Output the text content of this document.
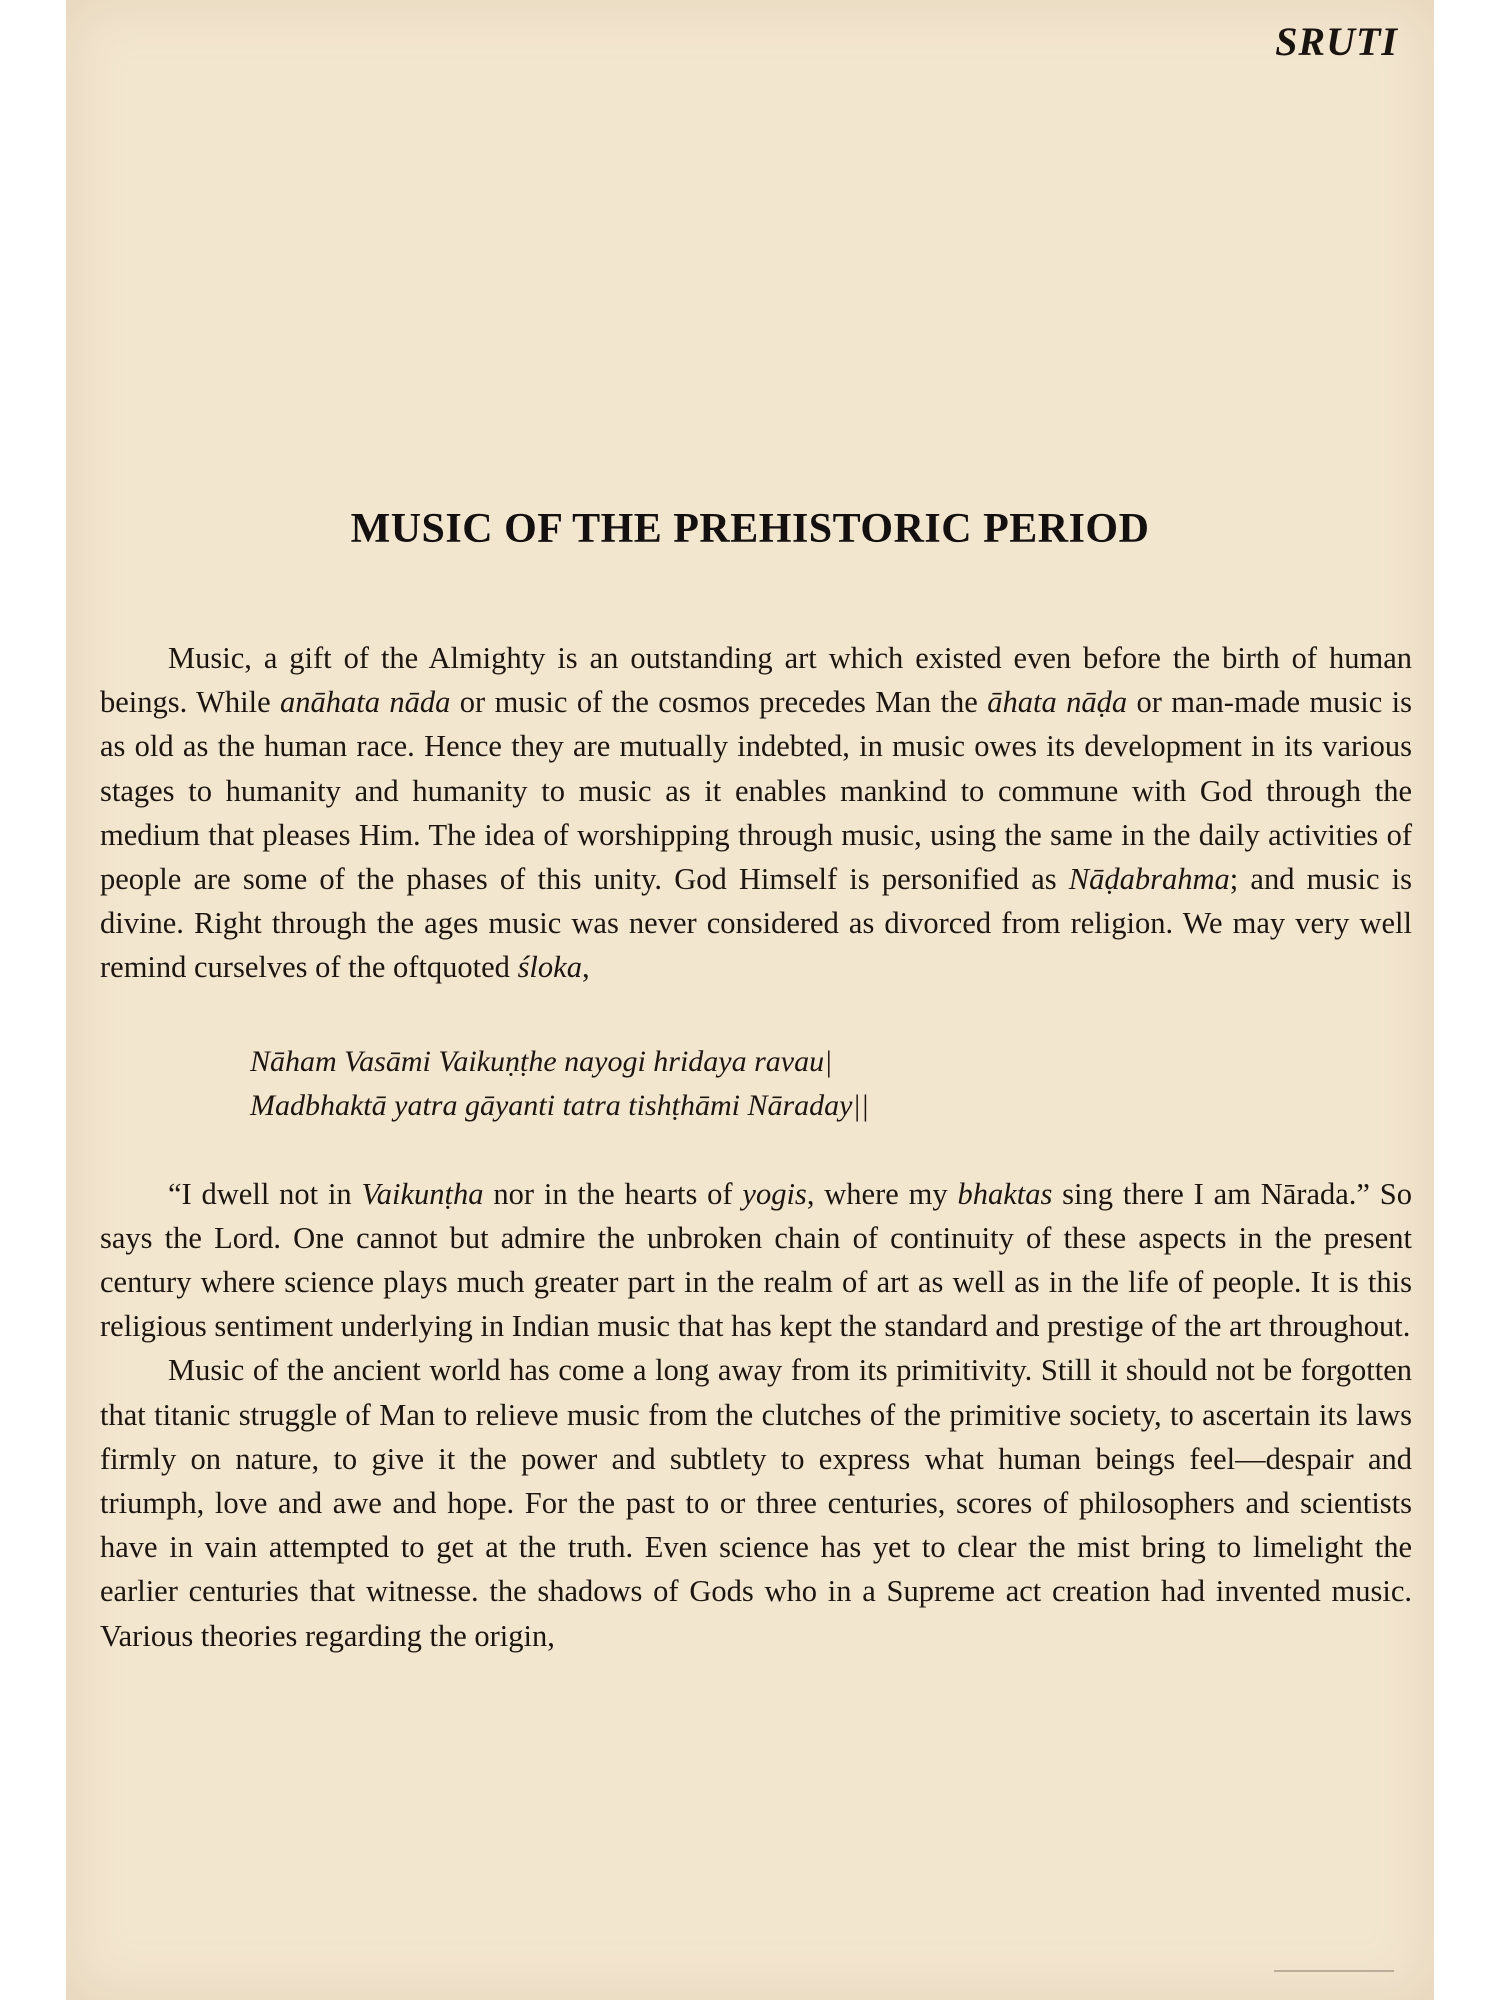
SRUTI
MUSIC OF THE PREHISTORIC PERIOD

Music, a gift of the Almighty is an outstanding art which existed even before the birth of human beings. While anāhata nāda or music of the cosmos precedes Man the āhata nāḍa or man-made music is as old as the human race. Hence they are mutually indebted, in music owes its development in its various stages to humanity and humanity to music as it enables mankind to commune with God through the medium that pleases Him. The idea of worshipping through music, using the same in the daily activities of people are some of the phases of this unity. God Himself is personified as Nāḍabrahma; and music is divine. Right through the ages music was never considered as divorced from religion. We may very well remind curselves of the oftquoted śloka,

Nāham Vasāmi Vaikuṇṭhe nayogi hridaya ravau|
Madbhaktā yatra gāyanti tatra tishṭhāmi Nāraday||

“I dwell not in Vaikunṭha nor in the hearts of yogis, where my bhaktas sing there I am Nārada.” So says the Lord. One cannot but admire the unbroken chain of continuity of these aspects in the present century where science plays much greater part in the realm of art as well as in the life of people. It is this religious sentiment underlying in Indian music that has kept the standard and prestige of the art throughout.

Music of the ancient world has come a long away from its primitivity. Still it should not be forgotten that titanic struggle of Man to relieve music from the clutches of the primitive society, to ascertain its laws firmly on nature, to give it the power and subtlety to express what human beings feel—despair and triumph, love and awe and hope. For the past to or three centuries, scores of philosophers and scientists have in vain attempted to get at the truth. Even science has yet to clear the mist bring to limelight the earlier centuries that witnesse. the shadows of Gods who in a Supreme act creation had invented music. Various theories regarding the origin,
